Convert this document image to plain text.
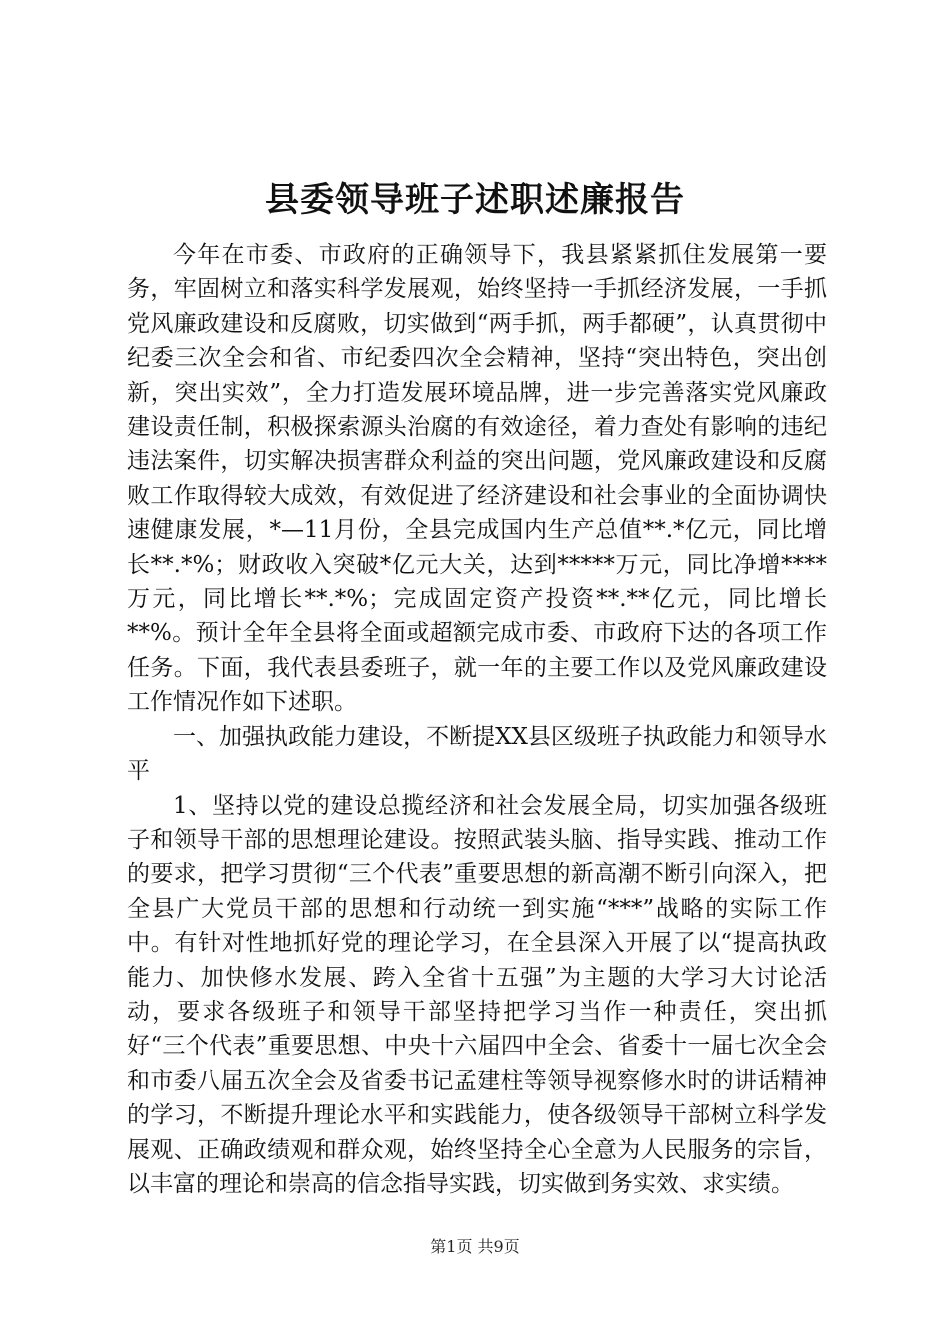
县委领导班子述职述廉报告

今年在市委、市政府的正确领导下，我县紧紧抓住发展第一要务，牢固树立和落实科学发展观，始终坚持一手抓经济发展，一手抓党风廉政建设和反腐败，切实做到“两手抓，两手都硬”，认真贯彻中纪委三次全会和省、市纪委四次全会精神，坚持“突出特色，突出创新，突出实效”，全力打造发展环境品牌，进一步完善落实党风廉政建设责任制，积极探索源头治腐的有效途径，着力查处有影响的违纪违法案件，切实解决损害群众利益的突出问题，党风廉政建设和反腐败工作取得较大成效，有效促进了经济建设和社会事业的全面协调快速健康发展，*—11月份，全县完成国内生产总值**.*亿元，同比增长**.*%；财政收入突破*亿元大关，达到*****万元，同比净增****万元，同比增长**.*%；完成固定资产投资**.**亿元，同比增长**%。预计全年全县将全面或超额完成市委、市政府下达的各项工作任务。下面，我代表县委班子，就一年的主要工作以及党风廉政建设工作情况作如下述职。

一、加强执政能力建设，不断提XX县区级班子执政能力和领导水平

1、坚持以党的建设总揽经济和社会发展全局，切实加强各级班子和领导干部的思想理论建设。按照武装头脑、指导实践、推动工作的要求，把学习贯彻“三个代表”重要思想的新高潮不断引向深入，把全县广大党员干部的思想和行动统一到实施“***”战略的实际工作中。有针对性地抓好党的理论学习，在全县深入开展了以“提高执政能力、加快修水发展、跨入全省十五强”为主题的大学习大讨论活动，要求各级班子和领导干部坚持把学习当作一种责任，突出抓好“三个代表”重要思想、中央十六届四中全会、省委十一届七次全会和市委八届五次全会及省委书记孟建柱等领导视察修水时的讲话精神的学习，不断提升理论水平和实践能力，使各级领导干部树立科学发展观、正确政绩观和群众观，始终坚持全心全意为人民服务的宗旨，以丰富的理论和崇高的信念指导实践，切实做到务实效、求实绩。

第1页 共9页
